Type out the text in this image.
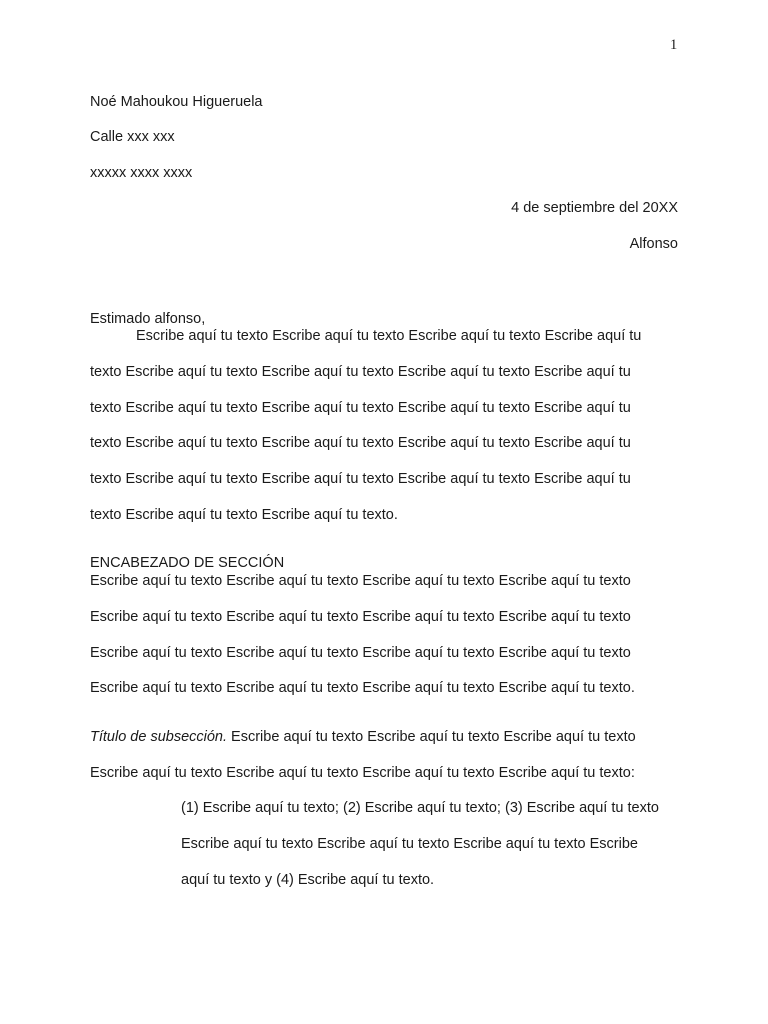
1
Noé Mahoukou Higueruela
Calle xxx xxx
xxxxx xxxx xxxx
4 de septiembre del 20XX
Alfonso
Estimado alfonso,
Escribe aquí tu texto Escribe aquí tu texto Escribe aquí tu texto Escribe aquí tu
texto Escribe aquí tu texto Escribe aquí tu texto Escribe aquí tu texto Escribe aquí tu
texto Escribe aquí tu texto Escribe aquí tu texto Escribe aquí tu texto Escribe aquí tu
texto Escribe aquí tu texto Escribe aquí tu texto Escribe aquí tu texto Escribe aquí tu
texto Escribe aquí tu texto Escribe aquí tu texto Escribe aquí tu texto Escribe aquí tu
texto Escribe aquí tu texto Escribe aquí tu texto.
ENCABEZADO DE SECCIÓN
Escribe aquí tu texto Escribe aquí tu texto Escribe aquí tu texto Escribe aquí tu texto
Escribe aquí tu texto Escribe aquí tu texto Escribe aquí tu texto Escribe aquí tu texto
Escribe aquí tu texto Escribe aquí tu texto Escribe aquí tu texto Escribe aquí tu texto
Escribe aquí tu texto Escribe aquí tu texto Escribe aquí tu texto Escribe aquí tu texto.
Título de subsección. Escribe aquí tu texto Escribe aquí tu texto Escribe aquí tu texto
Escribe aquí tu texto Escribe aquí tu texto Escribe aquí tu texto Escribe aquí tu texto:
(1) Escribe aquí tu texto; (2) Escribe aquí tu texto; (3) Escribe aquí tu texto
Escribe aquí tu texto Escribe aquí tu texto Escribe aquí tu texto Escribe
aquí tu texto y (4) Escribe aquí tu texto.
